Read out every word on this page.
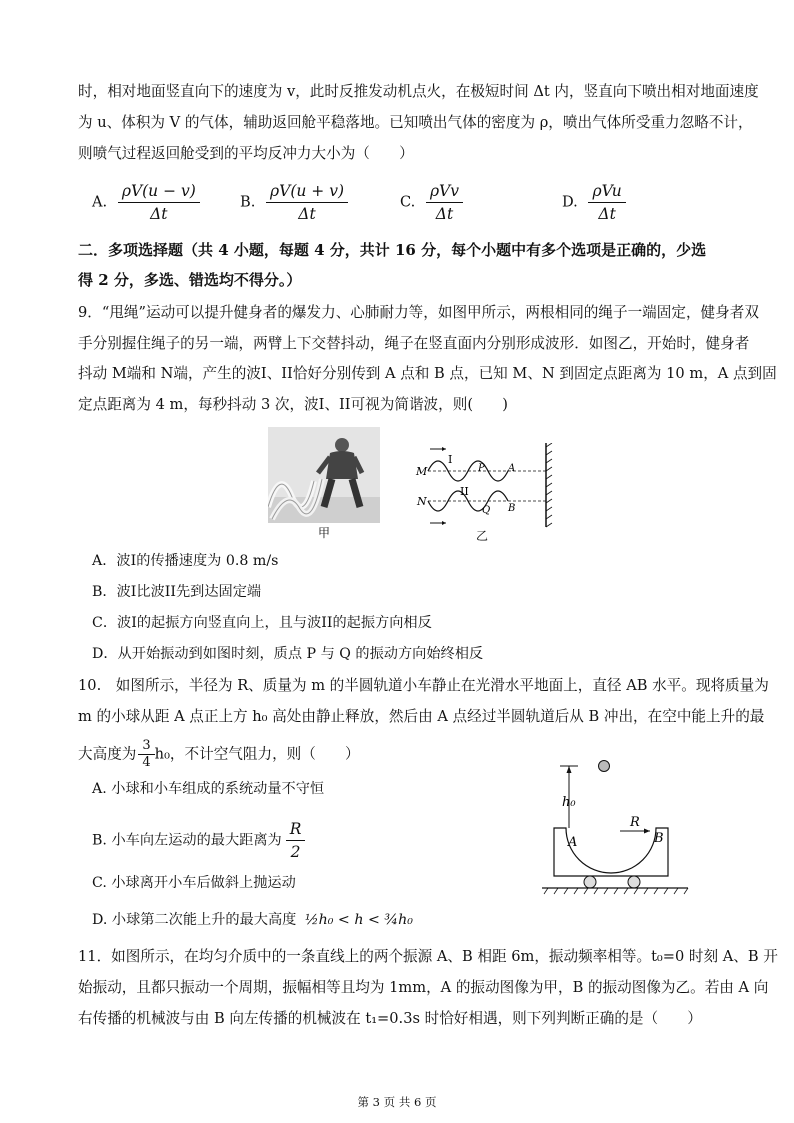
时，相对地面竖直向下的速度为 v，此时反推发动机点火，在极短时间 Δt 内，竖直向下喷出相对地面速度
为 u、体积为 V 的气体，辅助返回舱平稳落地。已知喷出气体的密度为 ρ，喷出气体所受重力忽略不计，
则喷气过程返回舱受到的平均反冲力大小为（　　）
A. $\frac{\rho V(u - v)}{\Delta t}$	B. $\frac{\rho V(u + v)}{\Delta t}$	C. $\frac{\text{ρVv}}{\Delta t}$	D. $\frac{\text{ρVu}}{\Delta t}$
二．多项选择题（共 4 小题，每题 4 分，共计 16 分，每个小题中有多个选项是正确的，少选
得 2 分，多选、错选均不得分。）
9．“甩绳”运动可以提升健身者的爆发力、心肺耐力等，如图甲所示，两根相同的绳子一端固定，健身者双
手分别握住绳子的另一端，两臂上下交替抖动，绳子在竖直面内分别形成波形．如图乙，开始时，健身者
抖动 M端和 N端，产生的波I、II恰好分别传到 A 点和 B 点，已知 M、N 到固定点距离为 10 m，A 点到固
定点距离为 4 m，每秒抖动 3 次，波I、II可视为简谐波，则(　　)
甲
M
N
I
II
P
Q
A
B
乙
A．波I的传播速度为 0.8 m/s
B．波I比波II先到达固定端
C．波I的起振方向竖直向上，且与波II的起振方向相反
D．从开始振动到如图时刻，质点 P 与 Q 的振动方向始终相反
10.　如图所示，半径为 R、质量为 m 的半圆轨道小车静止在光滑水平地面上，直径 AB 水平。现将质量为
m 的小球从距 A 点正上方 h₀ 高处由静止释放，然后由 A 点经过半圆轨道后从 B 冲出，在空中能上升的最
大高度为 $\frac{3}{4} h_0$，不计空气阻力，则（　　）
A. 小球和小车组成的系统动量不守恒
B. 小车向左运动的最大距离为 $\frac{R}{2}$
C. 小球离开小车后做斜上抛运动
D. 小球第二次能上升的最大高度 ½h₀ < h < ¾h₀
h₀
A	B
R
11．如图所示，在均匀介质中的一条直线上的两个振源 A、B 相距 6m，振动频率相等。t₀=0 时刻 A、B 开
始振动，且都只振动一个周期，振幅相等且均为 1mm，A 的振动图像为甲，B 的振动图像为乙。若由 A 向
右传播的机械波与由 B 向左传播的机械波在 t₁=0.3s 时恰好相遇，则下列判断正确的是（　　）
第 3 页 共 6 页
